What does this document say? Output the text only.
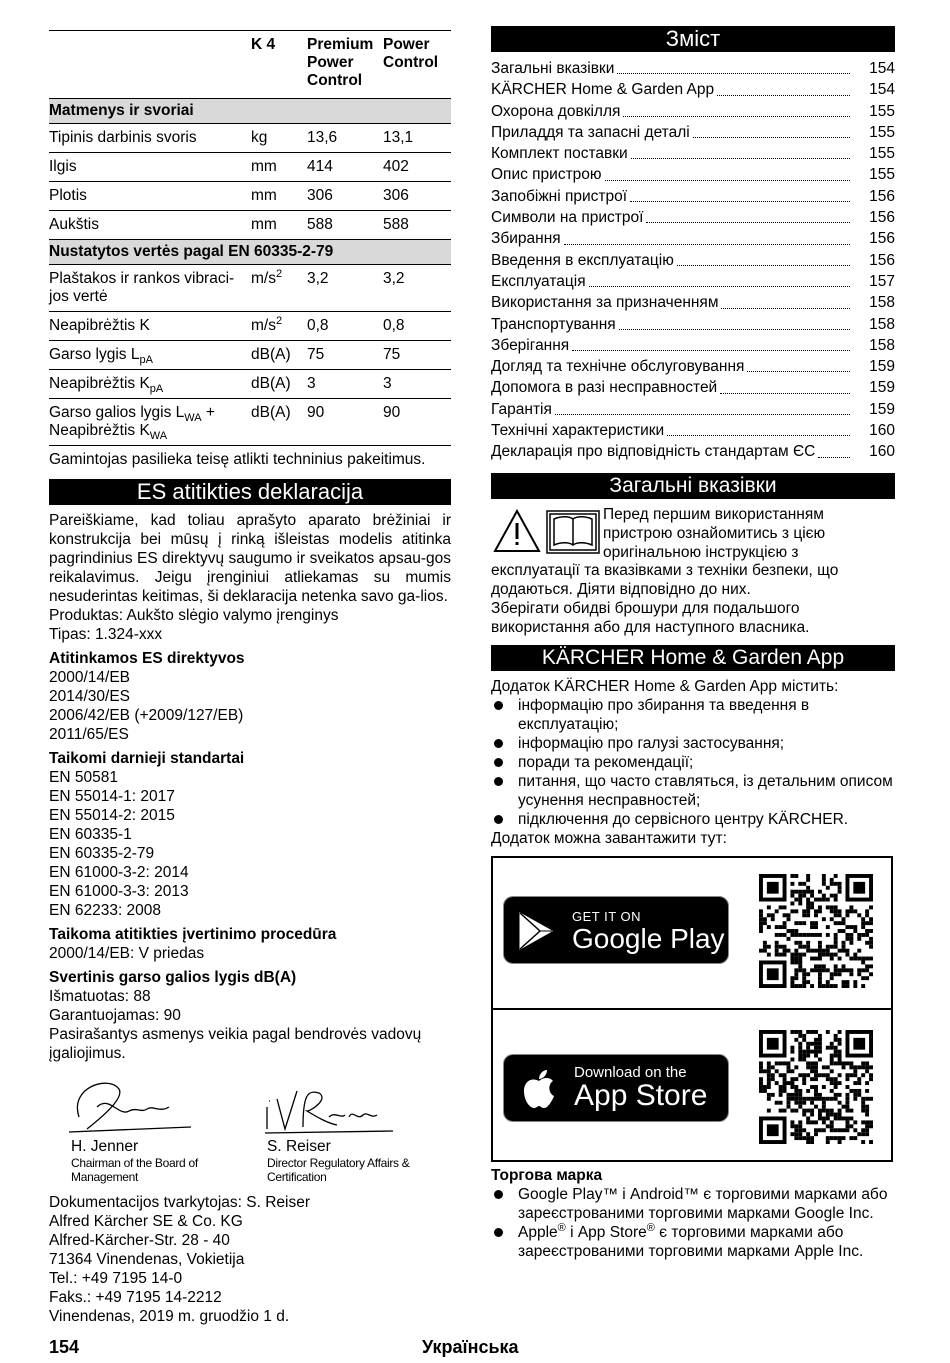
	K 4	Premium Power Control	Power Control
Matmenys ir svoriai			
Tipinis darbinis svoris	kg	13,6	13,1
Ilgis	mm	414	402
Plotis	mm	306	306
Aukštis	mm	588	588
Nustatytos vertės pagal EN 60335-2-79			
Plaštakos ir rankos vibraci-jos vertė	$m/s^2$	3,2	3,2
Neapibrėžtis K	$m/s^2$	0,8	0,8
Garso lygis $L_{pA}$	dB(A)	75	75
Neapibrėžtis $K_{pA}$	dB(A)	3	3
Garso galios lygis $L_{WA}$ + Neapibrėžtis $K_{WA}$	dB(A)	90	90

Gamintojas pasilieka teisę atlikti techninius pakeitimus.

ES atitikties deklaracija

Pareiškiame, kad toliau aprašyto aparato brėžiniai ir konstrukcija bei mūsų į rinką išleistas modelis atitinka pagrindinius ES direktyvų saugumo ir sveikatos apsau-gos reikalavimus. Jeigu įrenginiui atliekamas su mumis nesuderintas keitimas, ši deklaracija netenka savo ga-lios.

Produktas: Aukšto slėgio valymo įrenginys

Tipas: 1.324-xxx

Atitinkamos ES direktyvos

2000/14/EB
2014/30/ES
2006/42/EB (+2009/127/EB)
2011/65/ES

Taikomi darnieji standartai

EN 50581
EN 55014-1: 2017
EN 55014-2: 2015
EN 60335-1
EN 60335-2-79
EN 61000-3-2: 2014
EN 61000-3-3: 2013
EN 62233: 2008

Taikoma atitikties įvertinimo procedūra

2000/14/EB: V priedas

Svertinis garso galios lygis dB(A)

Išmatuotas: 88

Garantuojamas: 90

Pasirašantys asmenys veikia pagal bendrovės vadovų įgaliojimus.

H. Jenner
Chairman of the Board of Management
S. Reiser
Director Regulatory Affairs & Certification
Dokumentacijos tvarkytojas: S. Reiser
Alfred Kärcher SE & Co. KG
Alfred-Kärcher-Str. 28 - 40
71364 Vinendenas, Vokietija
Tel.: +49 7195 14-0
Faks.: +49 7195 14-2212
Vinendenas, 2019 m. gruodžio 1 d.
Зміст
Загальні вказівки	154

KÄRCHER Home & Garden App	154

Охорона довкілля	155

Приладдя та запасні деталі	155

Комплект поставки	155

Опис пристрою	155

Запобіжні пристрої	156

Символи на пристрої	156

Збирання	156

Введення в експлуатацію	156

Експлуатація	157

Використання за призначенням	158

Транспортування	158

Зберігання	158

Догляд та технічне обслуговування	159

Допомога в разі несправностей	159

Гарантія	159

Технічні характеристики	160

Декларація про відповідність стандартам ЄС	160
Загальні вказівки
Перед першим використанням
пристрою ознайомитись з цією
оригінальною інструкцією з

експлуатації та вказівками з техніки безпеки, що додаються. Діяти відповідно до них.

Зберігати обидві брошури для подальшого використання або для наступного власника.

KÄRCHER Home & Garden App

Додаток KÄRCHER Home & Garden App містить:

інформацію про збирання та введення в експлуатацію;
інформацію про галузі застосування;
поради та рекомендації;
питання, що часто ставляться, із детальним описом усунення несправностей;
підключення до сервісного центру KÄRCHER.

Додаток можна завантажити тут:

GET IT ON
Google Play
Download on the
App Store

Торгова марка

Google Play™ і Android™ є торговими марками або зареєстрованими торговими марками Google Inc.
Apple® і App Store® є торговими марками або зареєстрованими торговими марками Apple Inc.
154	Українська
